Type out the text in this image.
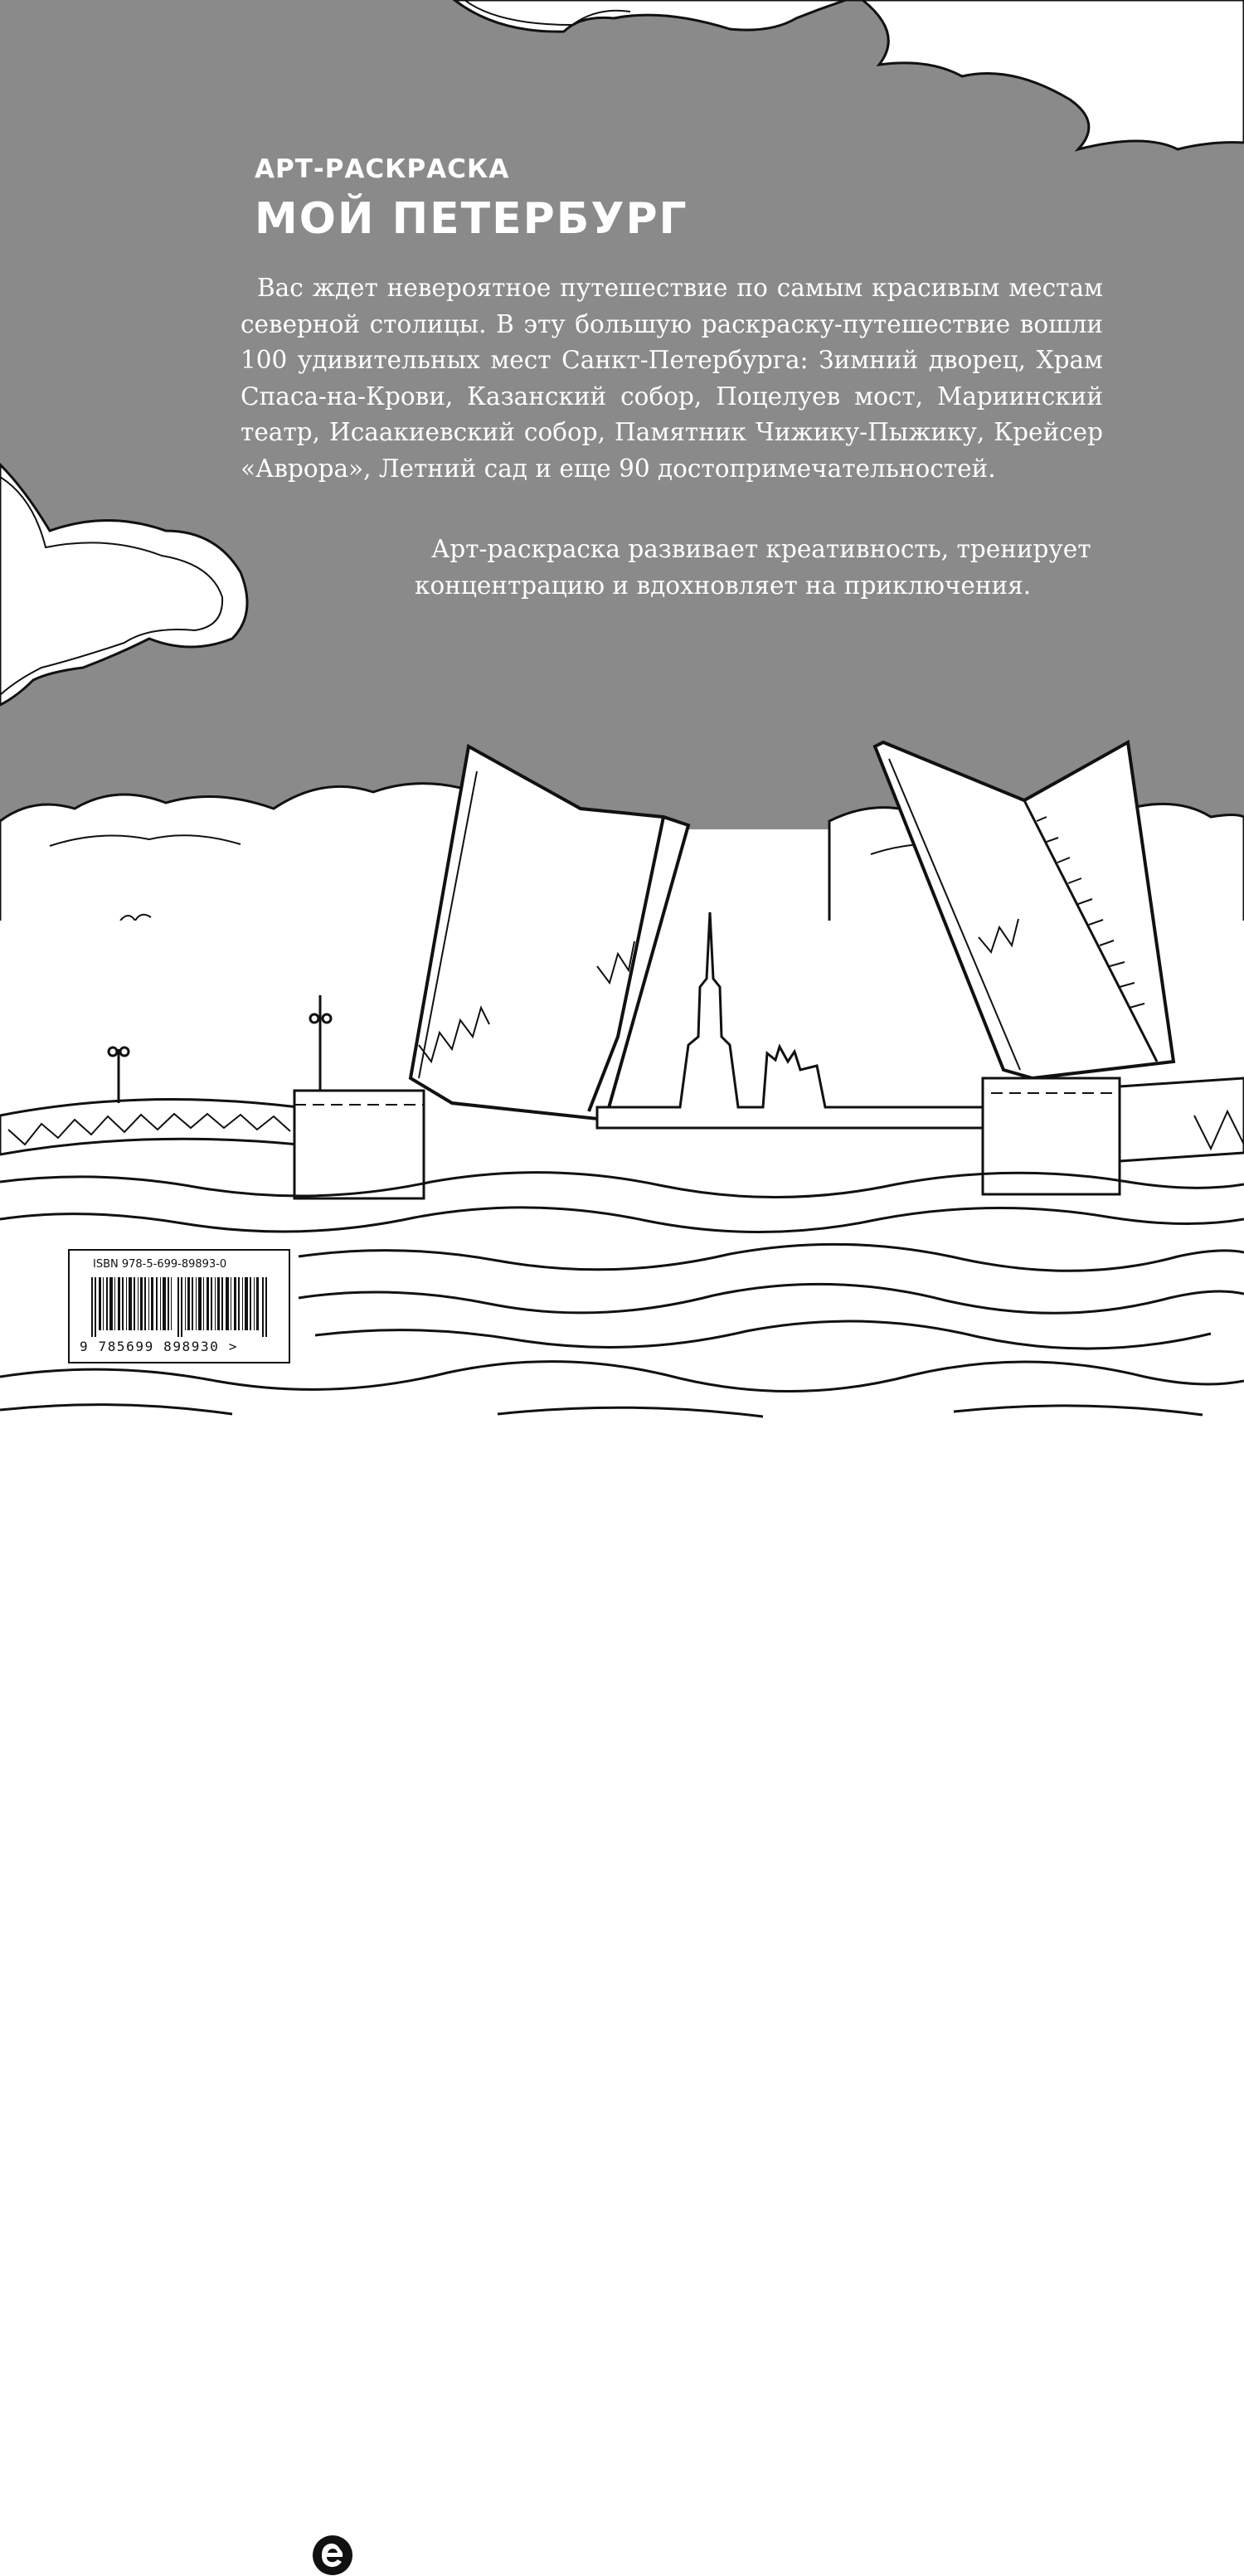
АРТ-РАСКРАСКА

МОЙ ПЕТЕРБУРГ

Вас ждет невероятное путешествие по самым красивым местам северной столицы. В эту большую раскраску-путешествие вошли 100 удивительных мест Санкт-Петербурга: Зимний дворец, Храм Спаса-на-Крови, Казанский собор, Поцелуев мост, Мариинский театр, Исаакиевский собор, Памятник Чижику-Пыжику, Крейсер «Аврора», Летний сад и еще 90 достопримечательностей.

Арт-раскраска развивает креативность, тренирует концентрацию и вдохновляет на приключения.

ISBN 978-5-699-89893-0
9 785699 898930 >
